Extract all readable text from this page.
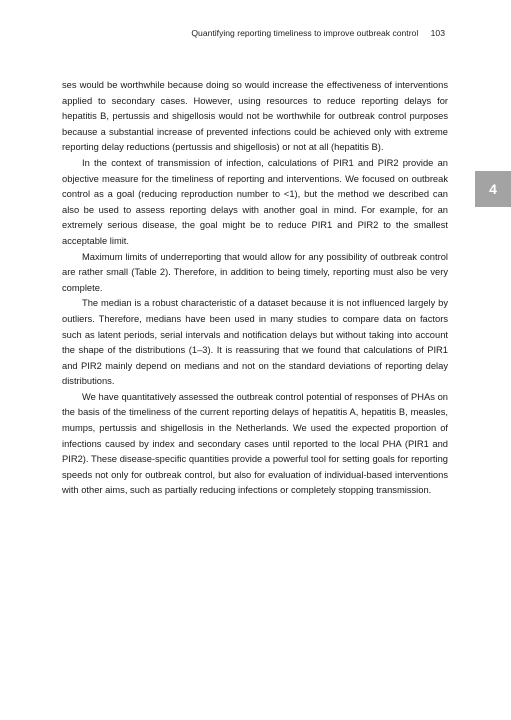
Quantifying reporting timeliness to improve outbreak control 103
4

ses would be worthwhile because doing so would increase the effectiveness of interventions applied to secondary cases. However, using resources to reduce reporting delays for hepatitis B, pertussis and shigellosis would not be worthwhile for outbreak control purposes because a substantial increase of prevented infections could be achieved only with extreme reporting delay reductions (pertussis and shigellosis) or not at all (hepatitis B).

In the context of transmission of infection, calculations of PIR1 and PIR2 provide an objective measure for the timeliness of reporting and interventions. We focused on outbreak control as a goal (reducing reproduction number to <1), but the method we described can also be used to assess reporting delays with another goal in mind. For example, for an extremely serious disease, the goal might be to reduce PIR1 and PIR2 to the smallest acceptable limit.

Maximum limits of underreporting that would allow for any possibility of outbreak control are rather small (Table 2). Therefore, in addition to being timely, reporting must also be very complete.

The median is a robust characteristic of a dataset because it is not influenced largely by outliers. Therefore, medians have been used in many studies to compare data on factors such as latent periods, serial intervals and notification delays but without taking into account the shape of the distributions (1–3). It is reassuring that we found that calculations of PIR1 and PIR2 mainly depend on medians and not on the standard deviations of reporting delay distributions.

We have quantitatively assessed the outbreak control potential of responses of PHAs on the basis of the timeliness of the current reporting delays of hepatitis A, hepatitis B, measles, mumps, pertussis and shigellosis in the Netherlands. We used the expected proportion of infections caused by index and secondary cases until reported to the local PHA (PIR1 and PIR2). These disease-specific quantities provide a powerful tool for setting goals for reporting speeds not only for outbreak control, but also for evaluation of individual-based interventions with other aims, such as partially reducing infections or completely stopping transmission.
